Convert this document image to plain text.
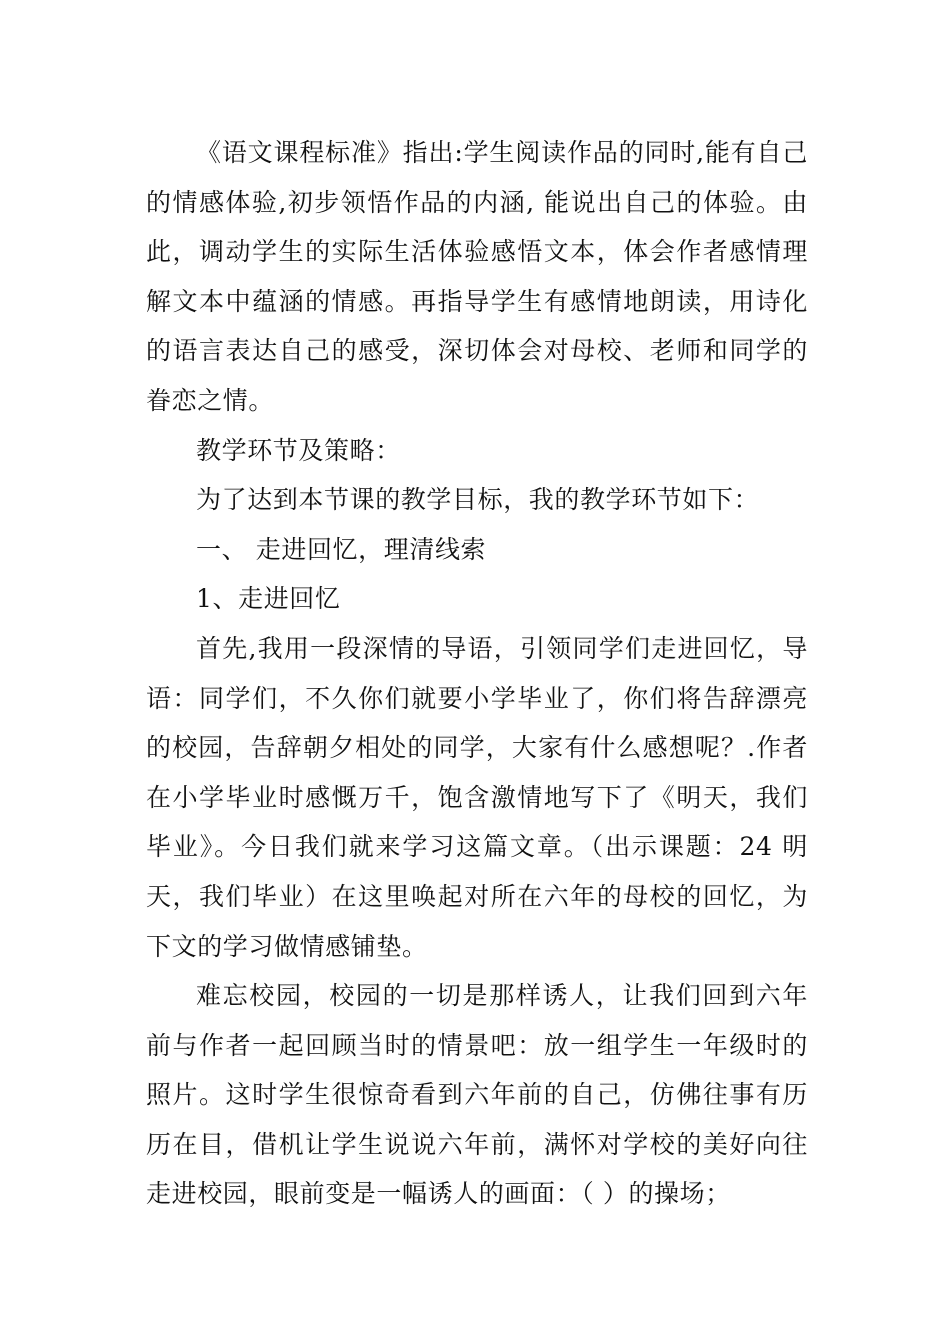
《语文课程标准》指出:学生阅读作品的同时,能有自己的情感体验,初步领悟作品的内涵, 能说出自己的体验。由此，调动学生的实际生活体验感悟文本，体会作者感情理解文本中蕴涵的情感。再指导学生有感情地朗读，用诗化的语言表达自己的感受，深切体会对母校、老师和同学的眷恋之情。

教学环节及策略：

为了达到本节课的教学目标，我的教学环节如下：

一、 走进回忆，理清线索

1、走进回忆

首先,我用一段深情的导语，引领同学们走进回忆，导语：同学们，不久你们就要小学毕业了，你们将告辞漂亮的校园，告辞朝夕相处的同学，大家有什么感想呢？.作者在小学毕业时感慨万千，饱含激情地写下了《明天，我们毕业》。今日我们就来学习这篇文章。（出示课题：24 明天，我们毕业）在这里唤起对所在六年的母校的回忆，为下文的学习做情感铺垫。

难忘校园，校园的一切是那样诱人，让我们回到六年前与作者一起回顾当时的情景吧：放一组学生一年级时的照片。这时学生很惊奇看到六年前的自己，仿佛往事有历历在目，借机让学生说说六年前，满怀对学校的美好向往走进校园，眼前变是一幅诱人的画面：（ ）的操场；
